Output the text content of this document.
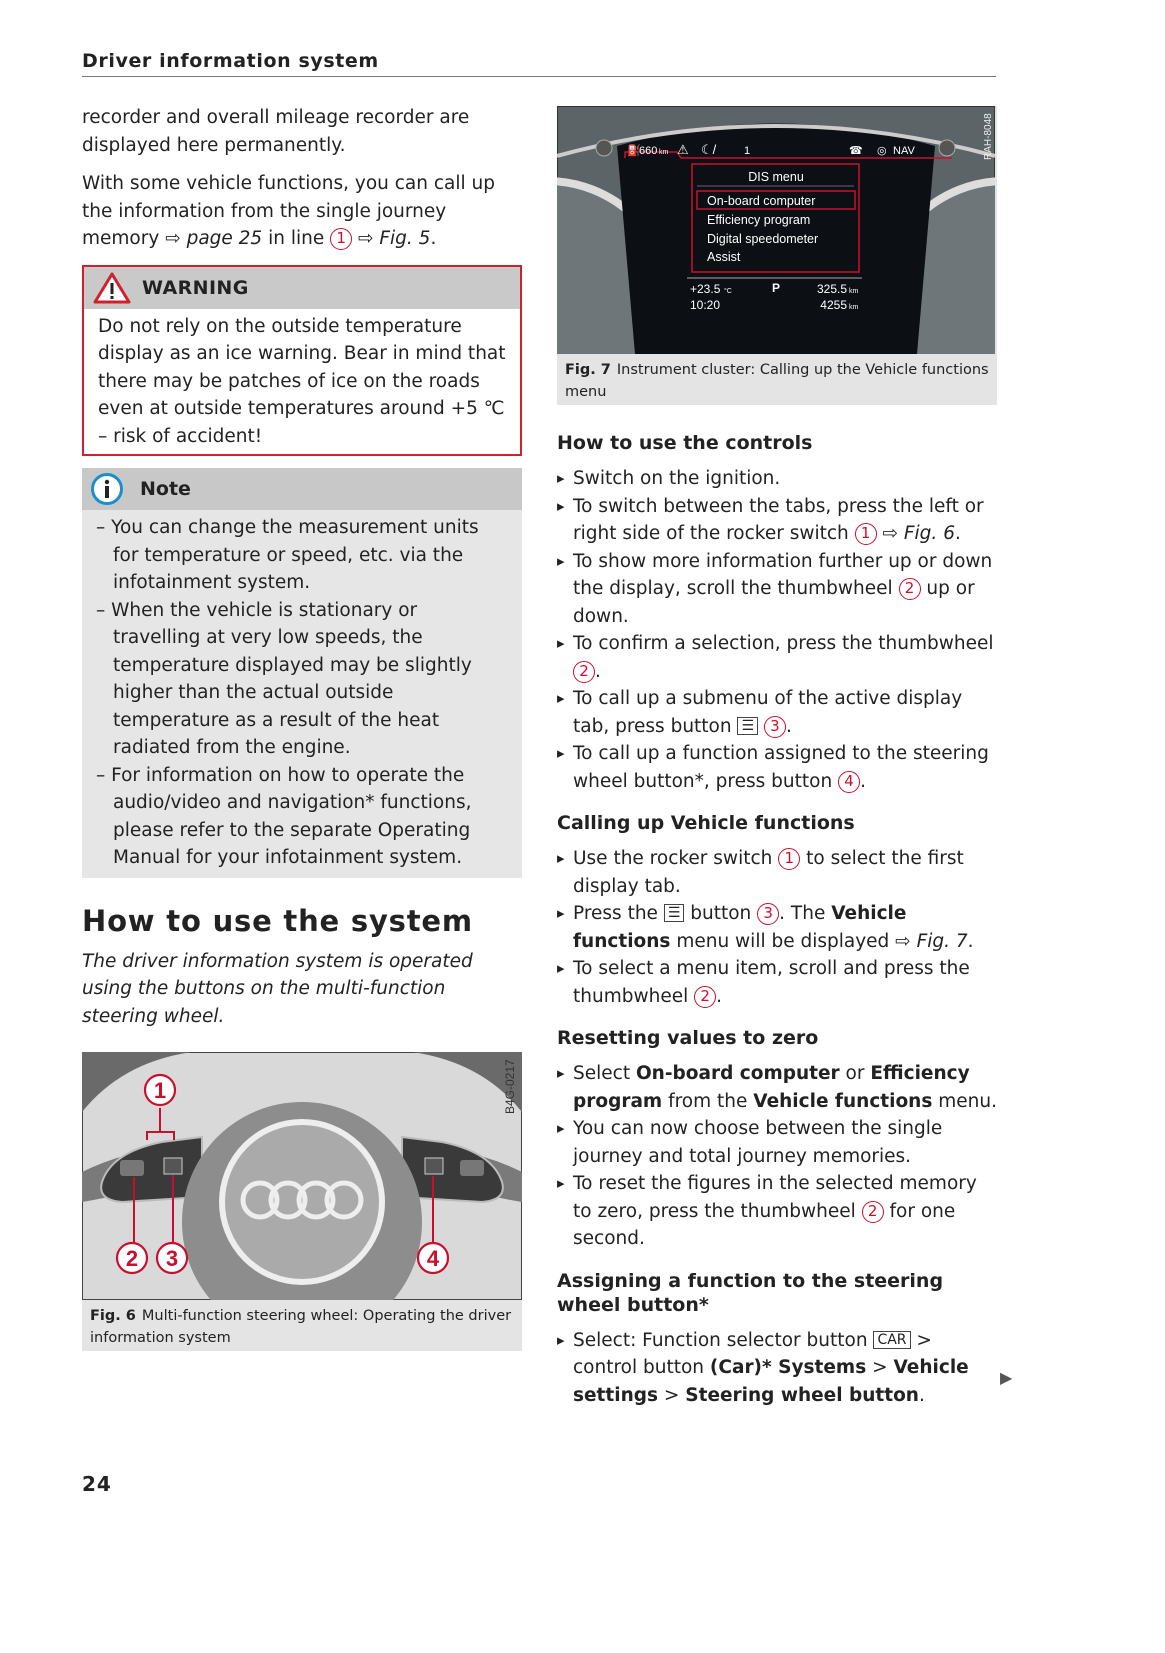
Driver information system

recorder and overall mileage recorder are displayed here permanently.

With some vehicle functions, you can call up the information from the single journey memory ⇨ page 25 in line 1 ⇨ Fig. 5.

WARNING
Do not rely on the outside temperature display as an ice warning. Bear in mind that there may be patches of ice on the roads even at outside temperatures around +5 ℃ – risk of accident!
Note
– You can change the measurement units for temperature or speed, etc. via the infotainment system.
– When the vehicle is stationary or travelling at very low speeds, the temperature displayed may be slightly higher than the actual outside temperature as a result of the heat radiated from the engine.
– For information on how to operate the audio/video and navigation* functions, please refer to the separate Operating Manual for your infotainment system.
How to use the system

The driver information system is operated using the buttons on the multi-function steering wheel.

1
2 3	4
B4G-0217
Fig. 6 Multi-function steering wheel: Operating the driver information system
⛽
660 km ⚠ ☾/	1	☎ ◎ NAV
DIS menu
On-board computer
Efficiency program
Digital speedometer
Assist
+23.5 °C
10:20
P	325.5 km
4255 km
RAH-8048
Fig. 7 Instrument cluster: Calling up the Vehicle functions menu
How to use the controls
▸ Switch on the ignition.
▸ To switch between the tabs, press the left or right side of the rocker switch 1 ⇨ Fig. 6.
▸ To show more information further up or down the display, scroll the thumbwheel 2 up or down.
▸ To confirm a selection, press the thumbwheel 2 .
▸ To call up a submenu of the active display tab, press button ☰ 3 .
▸ To call up a function assigned to the steering wheel button*, press button 4 .
Calling up Vehicle functions
▸ Use the rocker switch 1 to select the first display tab.
▸ Press the ☰ button 3 . The Vehicle functions menu will be displayed ⇨ Fig. 7.
▸ To select a menu item, scroll and press the thumbwheel 2 .
Resetting values to zero
▸ Select On-board computer or Efficiency program from the Vehicle functions menu.
▸ You can now choose between the single journey and total journey memories.
▸ To reset the figures in the selected memory to zero, press the thumbwheel 2 for one second.
Assigning a function to the steering wheel button*
▸ Select: Function selector button CAR > control button (Car)* Systems > Vehicle settings > Steering wheel button.
24
▶
